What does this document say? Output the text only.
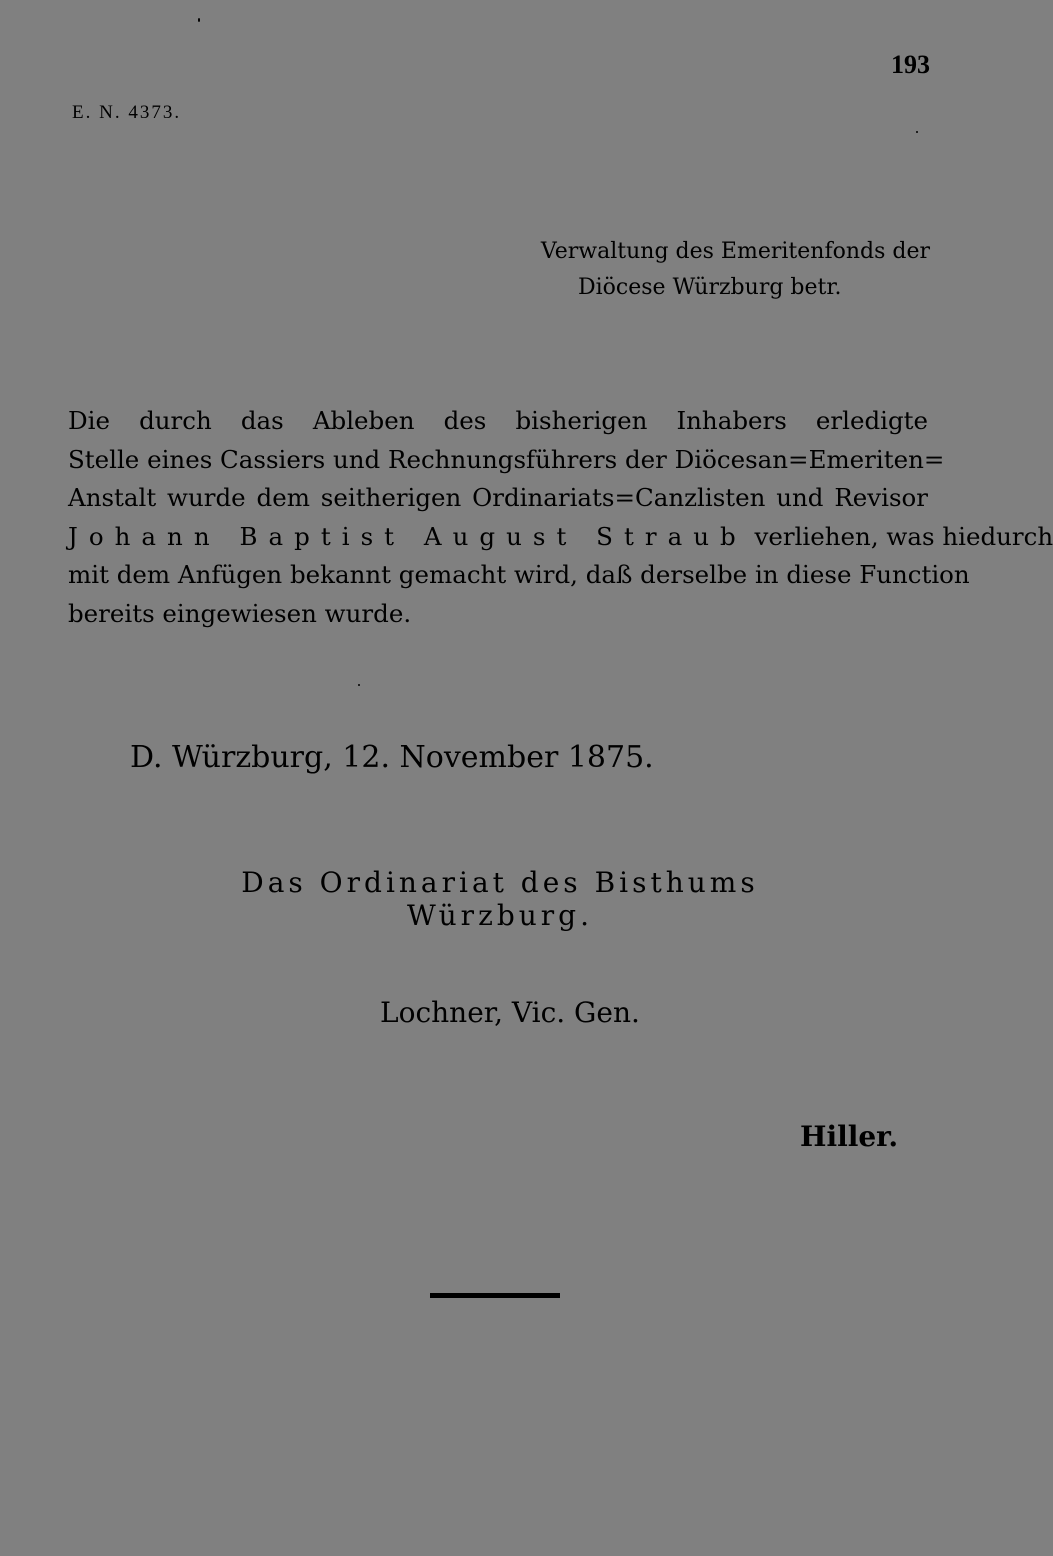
193
E. N. 4373.
Verwaltung des Emeritenfonds der
Diöcese Würzburg betr.
Die durch das Ableben des bisherigen Inhabers erledigte
Stelle eines Cassiers und Rechnungsführers der Diöcesan=Emeriten=
Anstalt wurde dem seitherigen Ordinariats=Canzlisten und Revisor
Johann Baptist August Straub verliehen, was hiedurch
mit dem Anfügen bekannt gemacht wird, daß derselbe in diese Function
bereits eingewiesen wurde.
D. Würzburg, 12. November 1875.
Das Ordinariat des Bisthums Würzburg.
Lochner, Vic. Gen.
Hiller.
